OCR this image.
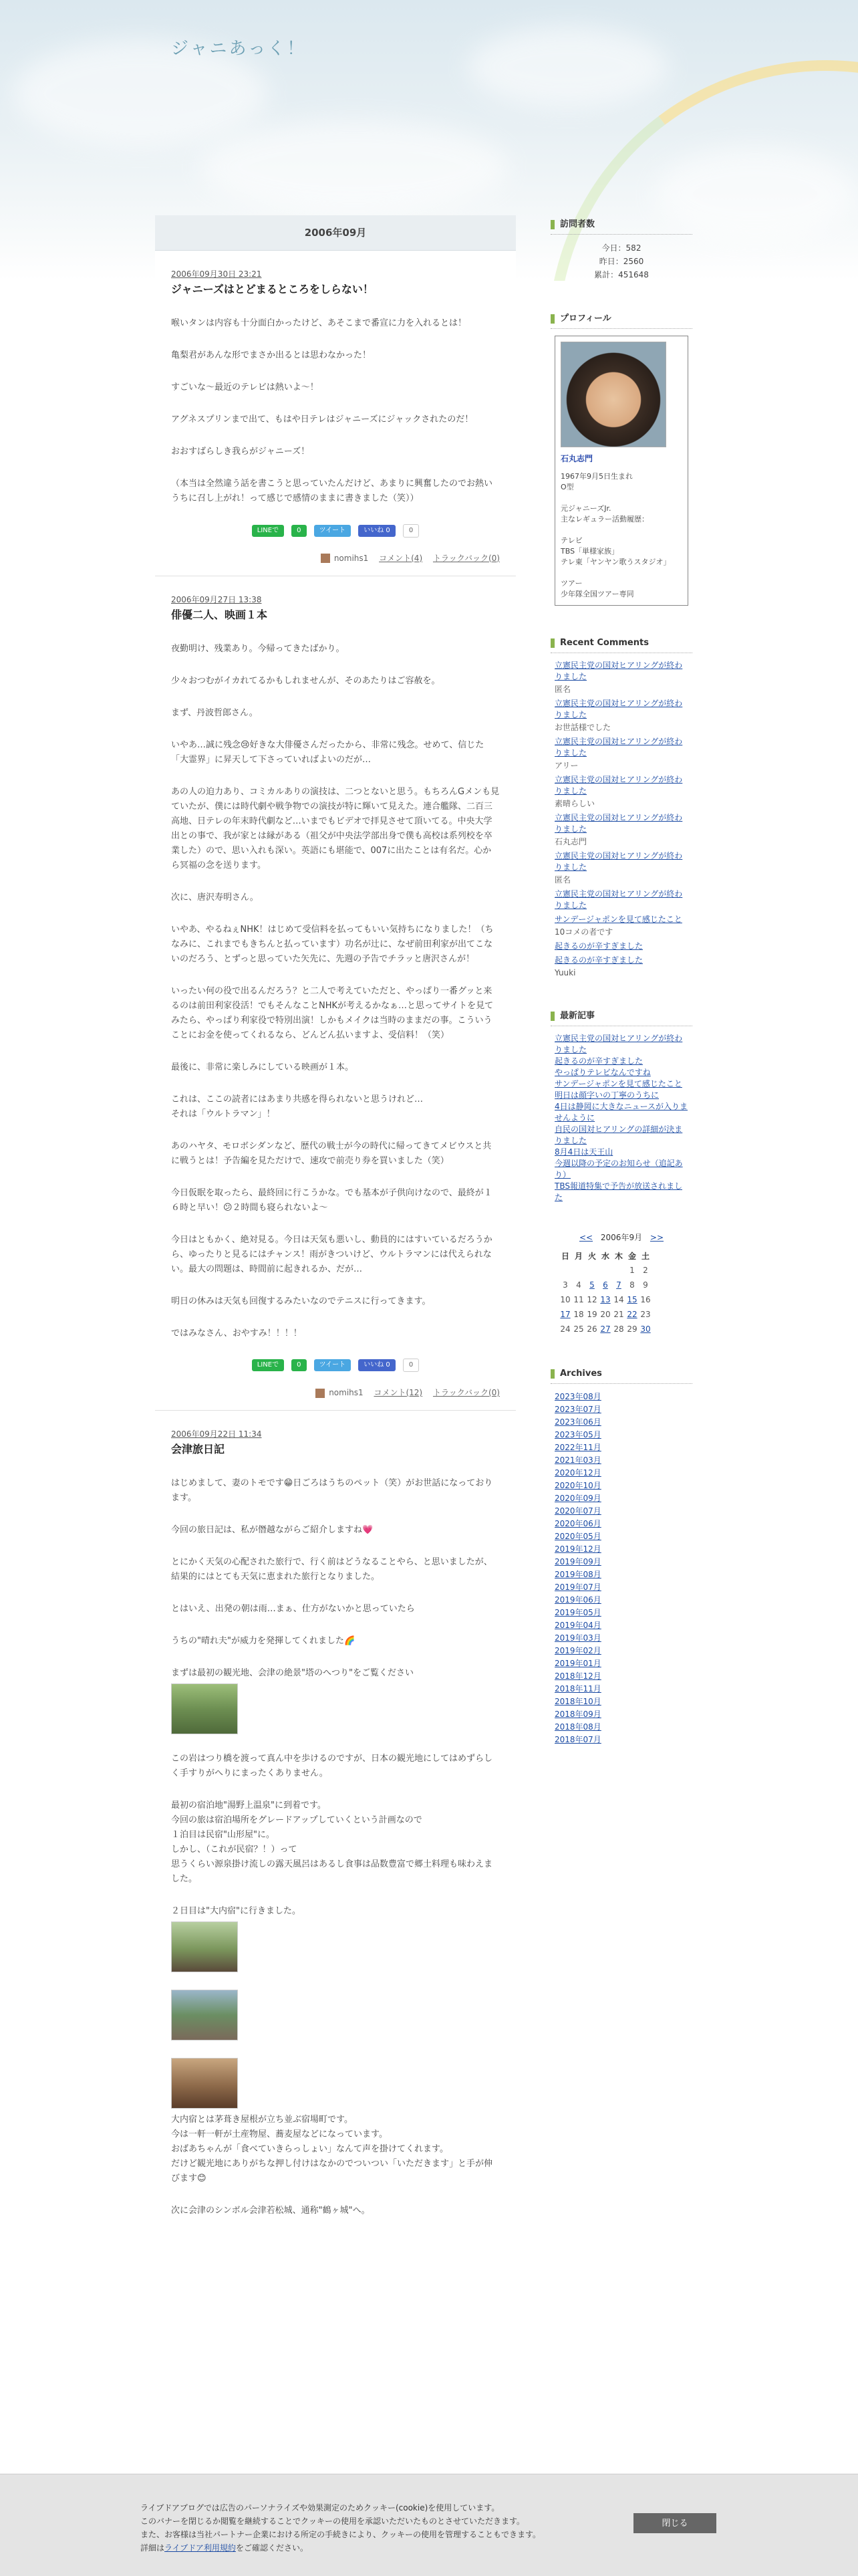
ジャニあっく！
2006年09月
2006年09月30日 23:21
ジャニーズはとどまるところをしらない！

喉いタンは内容も十分面白かったけど、あそこまで番宣に力を入れるとは！

亀梨君があんな形でまさか出るとは思わなかった！

すごいな～最近のテレビは熱いよ～！

アグネスプリンまで出て、もはや日テレはジャニーズにジャックされたのだ！

おおすばらしき我らがジャニーズ！

（本当は全然違う話を書こうと思っていたんだけど、あまりに興奮したのでお熱いうちに召し上がれ！って感じで感情のままに書きました（笑））

LINEで	0	ツイート	いいね 0	0
nomihs1 コメント(4) トラックバック(0)
2006年09月27日 13:38
俳優二人、映画１本

夜勤明け、残業あり。今帰ってきたばかり。

少々おつむがイカれてるかもしれませんが、そのあたりはご容赦を。

まず、丹波哲郎さん。

いやあ…誠に残念😢好きな大俳優さんだったから、非常に残念。せめて、信じた「大霊界」に昇天して下さっていればよいのだが…

あの人の迫力あり、コミカルありの演技は、二つとないと思う。もちろんGメンも見ていたが、僕には時代劇や戦争物での演技が特に輝いて見えた。連合艦隊、二百三高地、日テレの年末時代劇など…いまでもビデオで拝見させて頂いてる。中央大学出との事で、我が家とは縁がある（祖父が中央法学部出身で僕も高校は系列校を卒業した）ので、思い入れも深い。英語にも堪能で、007に出たことは有名だ。心から冥福の念を送ります。

次に、唐沢寿明さん。

いやあ、やるねぇNHK！はじめて受信料を払ってもいい気持ちになりました！（ちなみに、これまでもきちんと払っています）功名が辻に、なぜ前田利家が出てこないのだろう、とずっと思っていた矢先に、先週の予告でチラッと唐沢さんが！

いったい何の役で出るんだろう？と二人で考えていただと、やっぱり一番グッと来るのは前田利家役活！でもそんなことNHKが考えるかなぁ…と思ってサイトを見てみたら、やっぱり利家役で特別出演！しかもメイクは当時のままだの事。こういうことにお金を使ってくれるなら、どんどん払いますよ、受信料！（笑）

最後に、非常に楽しみにしている映画が１本。

これは、ここの読者にはあまり共感を得られないと思うけれど…
それは「ウルトラマン」！

あのハヤタ、モロボシダンなど、歴代の戦士が今の時代に帰ってきてメビウスと共に戦うとは！予告編を見ただけで、速攻で前売り券を買いました（笑）

今日仮眠を取ったら、最終回に行こうかな。でも基本が子供向けなので、最終が１６時と早い！😕２時間も寝られないよ～

今日はともかく、絶対見る。今日は天気も悪いし、動員的にはすいているだろうから、ゆったりと見るにはチャンス！雨がきついけど、ウルトラマンには代えられない。最大の問題は、時間前に起きれるか、だが…

明日の休みは天気も回復するみたいなのでテニスに行ってきます。

ではみなさん、おやすみ！！！！

LINEで	0	ツイート	いいね 0	0
nomihs1 コメント(12) トラックバック(0)
2006年09月22日 11:34
会津旅日記

はじめまして、妻のトモです😁日ごろはうちのペット（笑）がお世話になっております。

今回の旅日記は、私が僭越ながらご紹介しますね💗

とにかく天気の心配された旅行で、行く前はどうなることやら、と思いましたが、結果的にはとても天気に恵まれた旅行となりました。

とはいえ、出発の朝は雨…まぁ、仕方がないかと思っていたら

うちの"晴れ夫"が威力を発揮してくれました🌈

まずは最初の観光地、会津の絶景"塔のへつり"をご覧ください

この岩はつり橋を渡って真ん中を歩けるのですが、日本の観光地にしてはめずらしく手すりがへりにまったくありません。

最初の宿泊地"湯野上温泉"に到着です。
今回の旅は宿泊場所をグレードアップしていくという計画なので
１泊目は民宿"山形屋"に。
しかし、（これが民宿？！）って
思うくらい源泉掛け流しの露天風呂はあるし食事は品数豊富で郷土料理も味わえました。

２日目は"大内宿"に行きました。

大内宿とは茅葺き屋根が立ち並ぶ宿場町です。
今は一軒一軒が土産物屋、蕎麦屋などになっています。
おばあちゃんが「食べていきらっしょい」なんて声を掛けてくれます。
だけど観光地にありがちな押し付けはなかのでついつい「いただきます」と手が伸びます😊

次に会津のシンボル会津若松城、通称"鶴ヶ城"へ。

訪問者数
今日：582
昨日：2560
累計：451648
プロフィール
石丸志門
1967年9月5日生まれ
O型

元ジャニーズJr.
主なレギュラー活動履歴：

テレビ
TBS「単様家族」
テレ東「ヤンヤン歌うスタジオ」

ツアー
少年隊全国ツアー専同
Recent Comments
立憲民主党の国対ヒアリングが終わりました
匿名
立憲民主党の国対ヒアリングが終わりました
お世話様でした
立憲民主党の国対ヒアリングが終わりました
アリー
立憲民主党の国対ヒアリングが終わりました
素晴らしい
立憲民主党の国対ヒアリングが終わりました
石丸志門
立憲民主党の国対ヒアリングが終わりました
匿名
立憲民主党の国対ヒアリングが終わりました
サンデージャポンを見て感じたこと
10コメの者です
起きるのが辛すぎました
起きるのが辛すぎました
Yuuki
最新記事
立憲民主党の国対ヒアリングが終わりました
起きるのが辛すぎました
やっぱりテレビなんですね
サンデージャポンを見て感じたこと
明日は顔字いの丁寧のうちに
4日は静岡に大きなニュースが入りませんように
自民の国対ヒアリングの詳細が決まりました
8月4日は天王山
今週以降の予定のお知らせ（追記あり）
TBS報道特集で予告が放送されました
<< 2006年9月 >>
日	月	火	水	木	金	土
					1	2
3	4	5	6	7	8	9
10	11	12	13	14	15	16
17	18	19	20	21	22	23
24	25	26	27	28	29	30
Archives
2023年08月
2023年07月
2023年06月
2023年05月
2022年11月
2021年03月
2020年12月
2020年10月
2020年09月
2020年07月
2020年06月
2020年05月
2019年12月
2019年09月
2019年08月
2019年07月
2019年06月
2019年05月
2019年04月
2019年03月
2019年02月
2019年01月
2018年12月
2018年11月
2018年10月
2018年09月
2018年08月
2018年07月
ライブドアブログでは広告のパーソナライズや効果測定のためクッキー(cookie)を使用しています。
このバナーを閉じるか閲覧を継続することでクッキーの使用を承認いただいたものとさせていただきます。
また、お客様は当社パートナー企業における所定の手続きにより、クッキーの使用を管理することもできます。
詳細はライブドア利用規約をご確認ください。
閉じる
